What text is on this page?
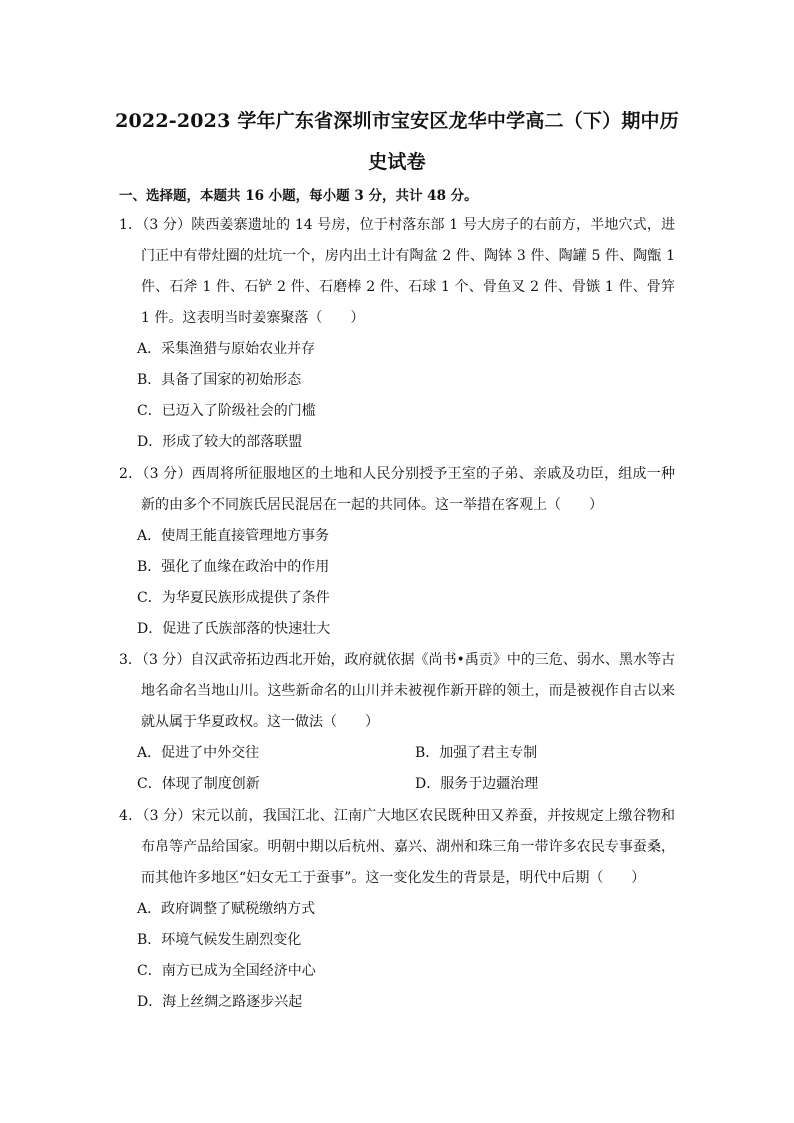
2022-2023 学年广东省深圳市宝安区龙华中学高二（下）期中历
史试卷
一、选择题，本题共 16 小题，每小题 3 分，共计 48 分。
1．（3 分）陕西姜寨遗址的 14 号房，位于村落东部 1 号大房子的右前方，半地穴式，进门正中有带灶圈的灶坑一个，房内出土计有陶盆 2 件、陶钵 3 件、陶罐 5 件、陶甑 1 件、石斧 1 件、石铲 2 件、石磨棒 2 件、石球 1 个、骨鱼叉 2 件、骨镞 1 件、骨笄 1 件。这表明当时姜寨聚落（　　）
A．采集渔猎与原始农业并存
B．具备了国家的初始形态
C．已迈入了阶级社会的门槛
D．形成了较大的部落联盟
2．（3 分）西周将所征服地区的土地和人民分别授予王室的子弟、亲戚及功臣，组成一种新的由多个不同族氏居民混居在一起的共同体。这一举措在客观上（　　）
A．使周王能直接管理地方事务
B．强化了血缘在政治中的作用
C．为华夏民族形成提供了条件
D．促进了氏族部落的快速壮大
3．（3 分）自汉武帝拓边西北开始，政府就依据《尚书•禹贡》中的三危、弱水、黑水等古地名命名当地山川。这些新命名的山川并未被视作新开辟的领土，而是被视作自古以来就从属于华夏政权。这一做法（　　）
A．促进了中外交往	B．加强了君主专制
C．体现了制度创新	D．服务于边疆治理
4．（3 分）宋元以前，我国江北、江南广大地区农民既种田又养蚕，并按规定上缴谷物和布帛等产品给国家。明朝中期以后杭州、嘉兴、湖州和珠三角一带许多农民专事蚕桑，而其他许多地区“妇女无工于蚕事”。这一变化发生的背景是，明代中后期（　　）
A．政府调整了赋税缴纳方式
B．环境气候发生剧烈变化
C．南方已成为全国经济中心
D．海上丝绸之路逐步兴起
